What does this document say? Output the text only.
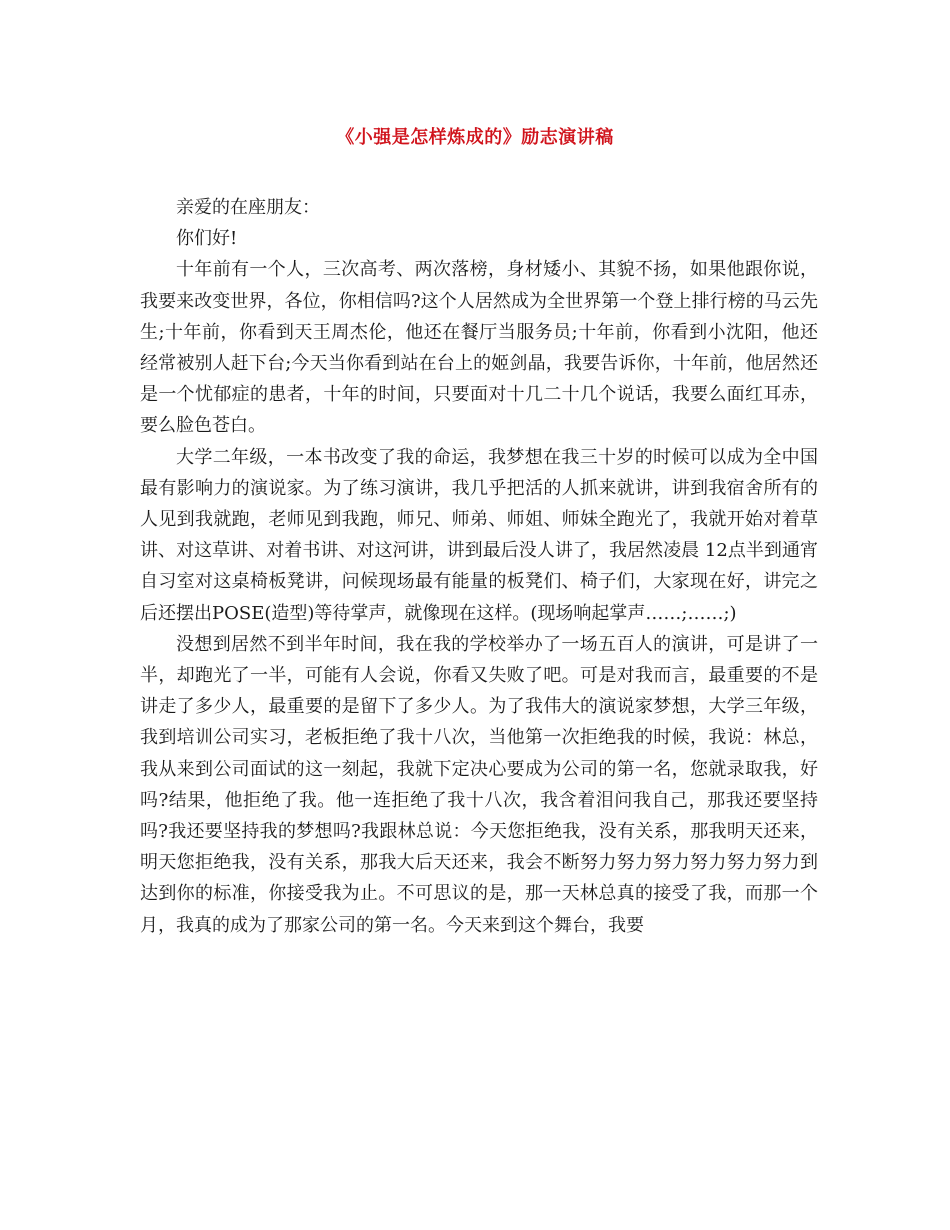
《小强是怎样炼成的》励志演讲稿

亲爱的在座朋友：

你们好!

十年前有一个人，三次高考、两次落榜，身材矮小、其貌不扬，如果他跟你说，我要来改变世界，各位，你相信吗?这个人居然成为全世界第一个登上排行榜的马云先生;十年前，你看到天王周杰伦，他还在餐厅当服务员;十年前，你看到小沈阳，他还经常被别人赶下台;今天当你看到站在台上的姬剑晶，我要告诉你，十年前，他居然还是一个忧郁症的患者，十年的时间，只要面对十几二十几个说话，我要么面红耳赤，要么脸色苍白。

大学二年级，一本书改变了我的命运，我梦想在我三十岁的时候可以成为全中国最有影响力的演说家。为了练习演讲，我几乎把活的人抓来就讲，讲到我宿舍所有的人见到我就跑，老师见到我跑，师兄、师弟、师姐、师妹全跑光了，我就开始对着草讲、对这草讲、对着书讲、对这河讲，讲到最后没人讲了，我居然凌晨 12点半到通宵自习室对这桌椅板凳讲，问候现场最有能量的板凳们、椅子们，大家现在好，讲完之后还摆出POSE(造型)等待掌声，就像现在这样。(现场响起掌声……;……;)

没想到居然不到半年时间，我在我的学校举办了一场五百人的演讲，可是讲了一半，却跑光了一半，可能有人会说，你看又失败了吧。可是对我而言，最重要的不是讲走了多少人，最重要的是留下了多少人。为了我伟大的演说家梦想，大学三年级，我到培训公司实习，老板拒绝了我十八次，当他第一次拒绝我的时候，我说：林总，我从来到公司面试的这一刻起，我就下定决心要成为公司的第一名，您就录取我，好吗?结果，他拒绝了我。他一连拒绝了我十八次，我含着泪问我自己，那我还要坚持吗?我还要坚持我的梦想吗?我跟林总说：今天您拒绝我，没有关系，那我明天还来，明天您拒绝我，没有关系，那我大后天还来，我会不断努力努力努力努力努力努力到达到你的标准，你接受我为止。不可思议的是，那一天林总真的接受了我，而那一个月，我真的成为了那家公司的第一名。今天来到这个舞台，我要
